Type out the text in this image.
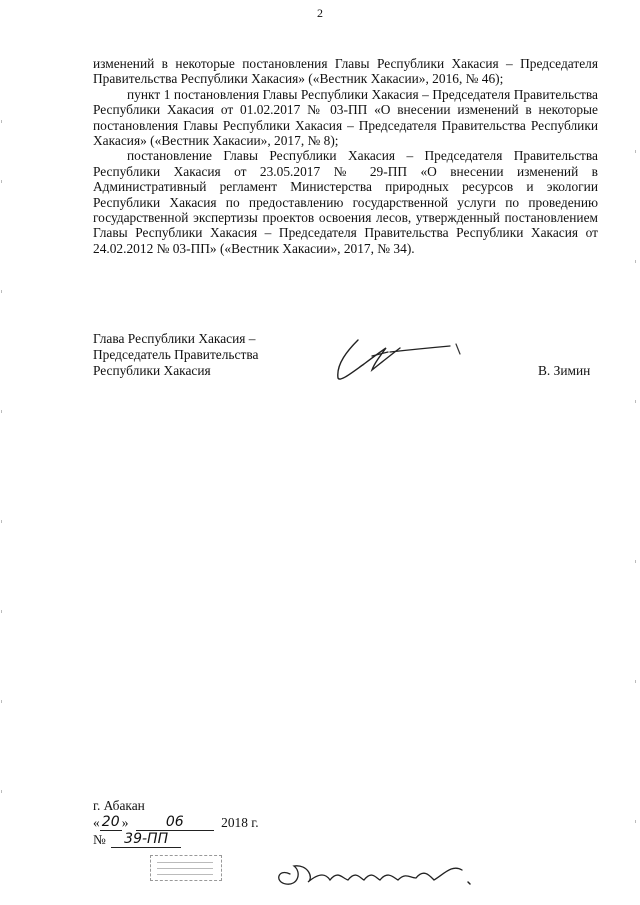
2

изменений в некоторые постановления Главы Республики Хакасия – Председателя Правительства Республики Хакасия» («Вестник Хакасии», 2016, № 46);

пункт 1 постановления Главы Республики Хакасия – Председателя Правительства Республики Хакасия от 01.02.2017 № 03-ПП «О внесении изменений в некоторые постановления Главы Республики Хакасия – Председателя Правительства Республики Хакасия» («Вестник Хакасии», 2017, № 8);

постановление Главы Республики Хакасия – Председателя Правительства Республики Хакасия от 23.05.2017 № 29-ПП «О внесении изменений в Административный регламент Министерства природных ресурсов и экологии Республики Хакасия по предоставлению государственной услуги по проведению государственной экспертизы проектов освоения лесов, утвержденный постановлением Главы Республики Хакасия – Председателя Правительства Республики Хакасия от 24.02.2012 № 03-ПП» («Вестник Хакасии», 2017, № 34).

Глава Республики Хакасия –
Председатель Правительства
Республики Хакасия	В. Зимин
г. Абакан
« 20 »	06	2018 г.
№ 39-ПП
